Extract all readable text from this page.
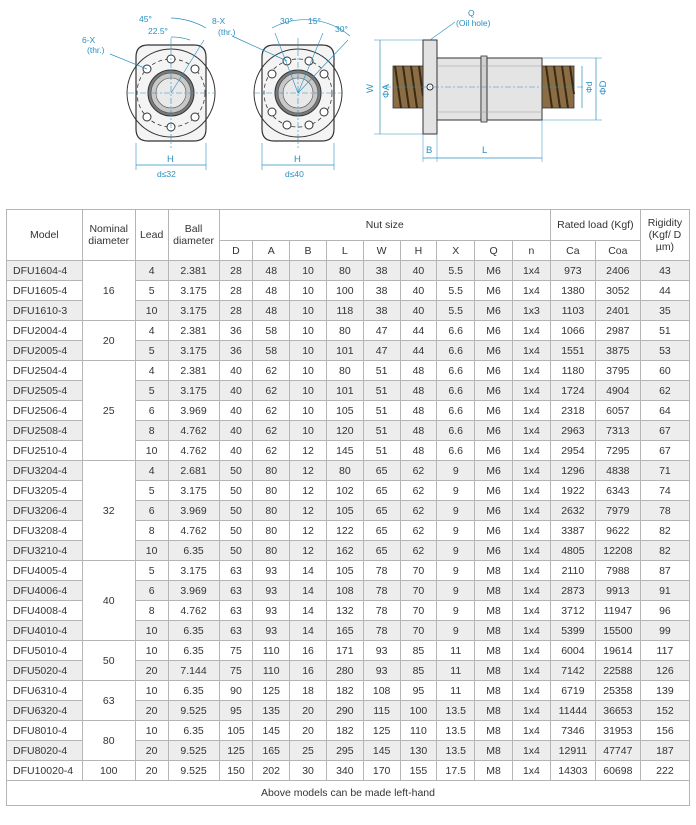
45°
22.5°
6-X
(thr.)
H
d≤32
30° 15°
30°
8-X
(thr.)
H
d≤40
Q
(Oil hole)
W ΦA	ΦD
Φd
B	L
Model	Nominal diameter	Lead	Ball diameter	Nut size									Rated load (Kgf)		Rigidity (Kgf/ D µm)
				D	A	B	L	W	H	X	Q	n	Ca	Coa	
DFU1604-4	16	4	2.381	28	48	10	80	38	40	5.5	M6	1x4	973	2406	43
DFU1605-4		5	3.175	28	48	10	100	38	40	5.5	M6	1x4	1380	3052	44
DFU1610-3		10	3.175	28	48	10	118	38	40	5.5	M6	1x3	1103	2401	35
DFU2004-4	20	4	2.381	36	58	10	80	47	44	6.6	M6	1x4	1066	2987	51
DFU2005-4		5	3.175	36	58	10	101	47	44	6.6	M6	1x4	1551	3875	53
DFU2504-4	25	4	2.381	40	62	10	80	51	48	6.6	M6	1x4	1180	3795	60
DFU2505-4		5	3.175	40	62	10	101	51	48	6.6	M6	1x4	1724	4904	62
DFU2506-4		6	3.969	40	62	10	105	51	48	6.6	M6	1x4	2318	6057	64
DFU2508-4		8	4.762	40	62	10	120	51	48	6.6	M6	1x4	2963	7313	67
DFU2510-4		10	4.762	40	62	12	145	51	48	6.6	M6	1x4	2954	7295	67
DFU3204-4	32	4	2.681	50	80	12	80	65	62	9	M6	1x4	1296	4838	71
DFU3205-4		5	3.175	50	80	12	102	65	62	9	M6	1x4	1922	6343	74
DFU3206-4		6	3.969	50	80	12	105	65	62	9	M6	1x4	2632	7979	78
DFU3208-4		8	4.762	50	80	12	122	65	62	9	M6	1x4	3387	9622	82
DFU3210-4		10	6.35	50	80	12	162	65	62	9	M6	1x4	4805	12208	82
DFU4005-4	40	5	3.175	63	93	14	105	78	70	9	M8	1x4	2110	7988	87
DFU4006-4		6	3.969	63	93	14	108	78	70	9	M8	1x4	2873	9913	91
DFU4008-4		8	4.762	63	93	14	132	78	70	9	M8	1x4	3712	11947	96
DFU4010-4		10	6.35	63	93	14	165	78	70	9	M8	1x4	5399	15500	99
DFU5010-4	50	10	6.35	75	110	16	171	93	85	11	M8	1x4	6004	19614	117
DFU5020-4		20	7.144	75	110	16	280	93	85	11	M8	1x4	7142	22588	126
DFU6310-4	63	10	6.35	90	125	18	182	108	95	11	M8	1x4	6719	25358	139
DFU6320-4		20	9.525	95	135	20	290	115	100	13.5	M8	1x4	11444	36653	152
DFU8010-4	80	10	6.35	105	145	20	182	125	110	13.5	M8	1x4	7346	31953	156
DFU8020-4		20	9.525	125	165	25	295	145	130	13.5	M8	1x4	12911	47747	187
DFU10020-4	100	20	9.525	150	202	30	340	170	155	17.5	M8	1x4	14303	60698	222
Above models can be made left-hand															
